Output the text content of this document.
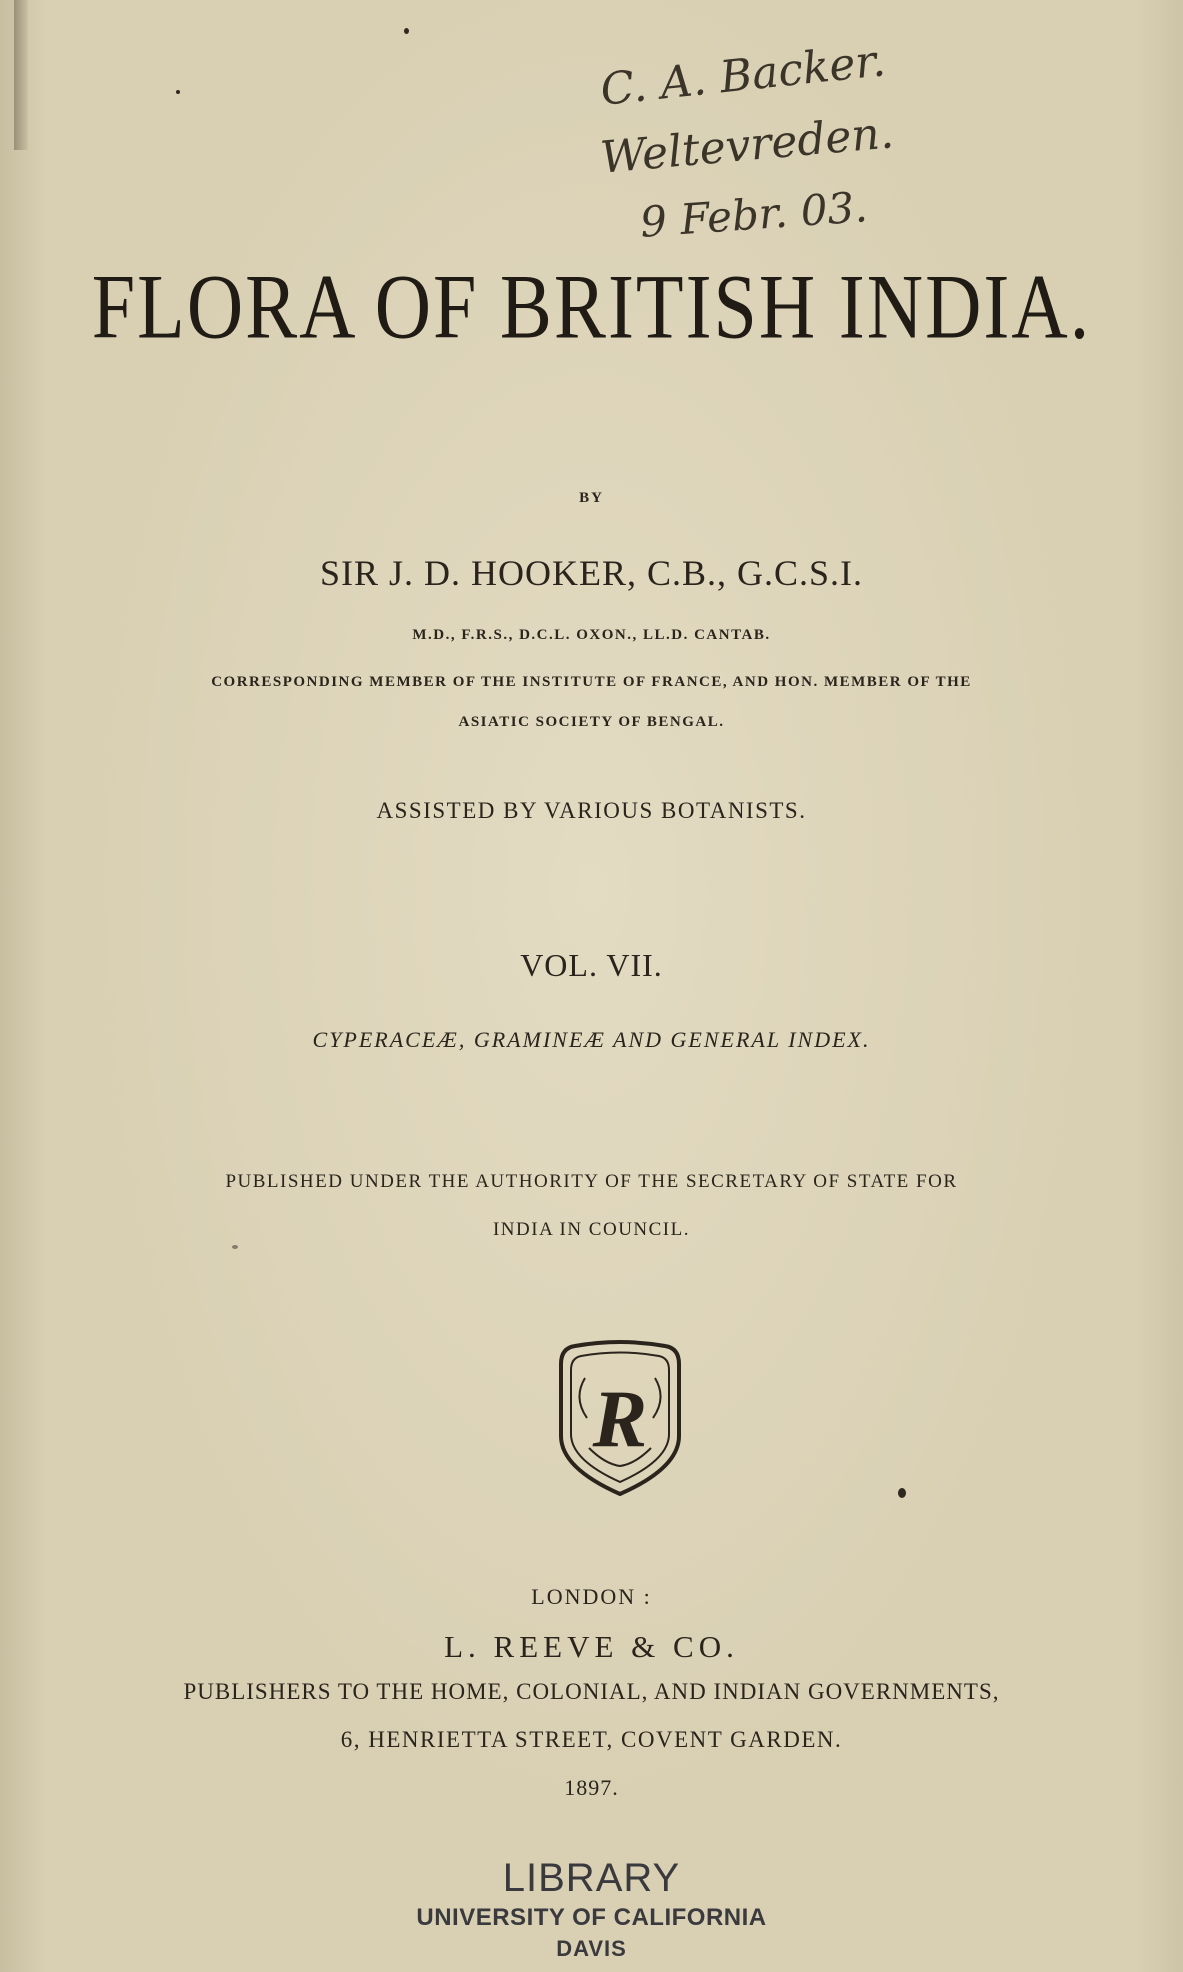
C. A. Backer.
Weltevreden.
9 Febr. 03.
FLORA OF BRITISH INDIA.
BY
SIR J. D. HOOKER, C.B., G.C.S.I.
M.D., F.R.S., D.C.L. OXON., LL.D. CANTAB.
CORRESPONDING MEMBER OF THE INSTITUTE OF FRANCE, AND HON. MEMBER OF THE
ASIATIC SOCIETY OF BENGAL.
ASSISTED BY VARIOUS BOTANISTS.
VOL. VII.
CYPERACEÆ, GRAMINEÆ AND GENERAL INDEX.
PUBLISHED UNDER THE AUTHORITY OF THE SECRETARY OF STATE FOR
INDIA IN COUNCIL.
R
LONDON :
L. REEVE & CO.
PUBLISHERS TO THE HOME, COLONIAL, AND INDIAN GOVERNMENTS,
6, HENRIETTA STREET, COVENT GARDEN.
1897.
LIBRARY
UNIVERSITY OF CALIFORNIA
DAVIS
